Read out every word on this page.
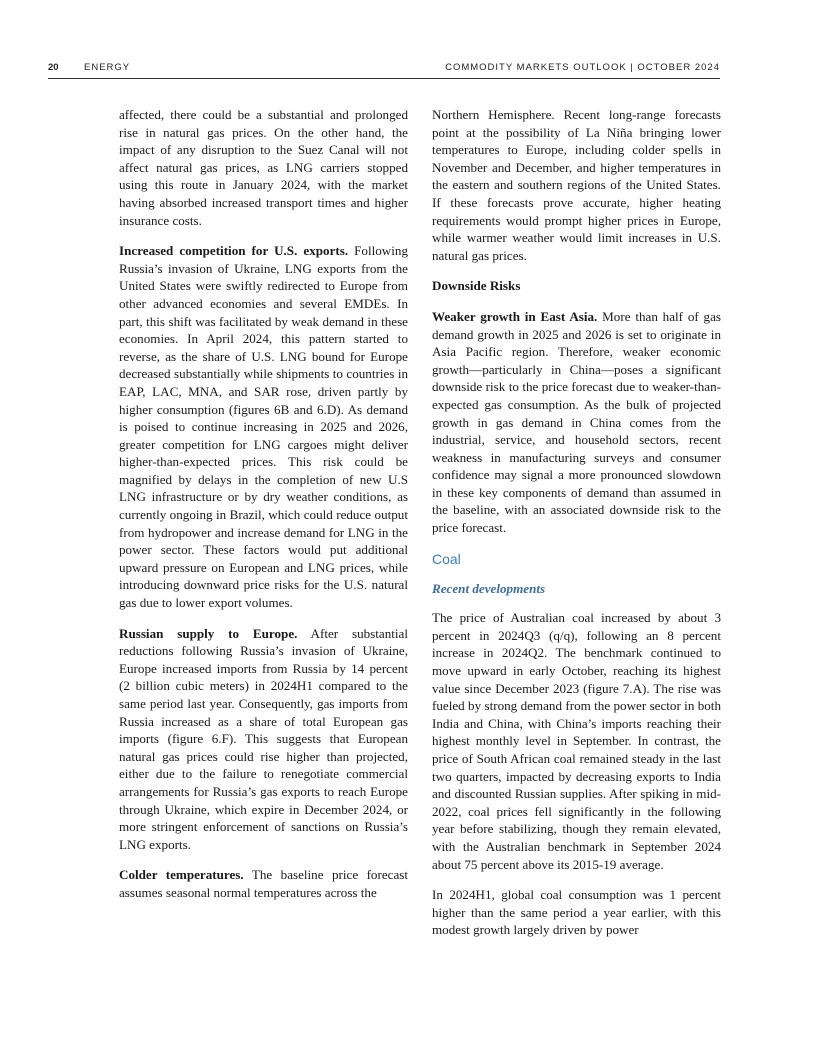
20	ENERGY	COMMODITY MARKETS OUTLOOK | OCTOBER 2024

affected, there could be a substantial and prolonged rise in natural gas prices. On the other hand, the impact of any disruption to the Suez Canal will not affect natural gas prices, as LNG carriers stopped using this route in January 2024, with the market having absorbed increased transport times and higher insurance costs.

Increased competition for U.S. exports. Following Russia’s invasion of Ukraine, LNG exports from the United States were swiftly redirected to Europe from other advanced economies and several EMDEs. In part, this shift was facilitated by weak demand in these economies. In April 2024, this pattern started to reverse, as the share of U.S. LNG bound for Europe decreased substantially while shipments to countries in EAP, LAC, MNA, and SAR rose, driven partly by higher consumption (figures 6B and 6.D). As demand is poised to continue increasing in 2025 and 2026, greater competition for LNG cargoes might deliver higher-than-expected prices. This risk could be magnified by delays in the completion of new U.S LNG infrastructure or by dry weather conditions, as currently ongoing in Brazil, which could reduce output from hydropower and increase demand for LNG in the power sector. These factors would put additional upward pressure on European and LNG prices, while introducing downward price risks for the U.S. natural gas due to lower export volumes.

Russian supply to Europe. After substantial reductions following Russia’s invasion of Ukraine, Europe increased imports from Russia by 14 percent (2 billion cubic meters) in 2024H1 compared to the same period last year. Consequently, gas imports from Russia increased as a share of total European gas imports (figure 6.F). This suggests that European natural gas prices could rise higher than projected, either due to the failure to renegotiate commercial arrangements for Russia’s gas exports to reach Europe through Ukraine, which expire in December 2024, or more stringent enforcement of sanctions on Russia’s LNG exports.

Colder temperatures. The baseline price forecast assumes seasonal normal temperatures across the

Northern Hemisphere. Recent long-range forecasts point at the possibility of La Niña bringing lower temperatures to Europe, including colder spells in November and December, and higher temperatures in the eastern and southern regions of the United States. If these forecasts prove accurate, higher heating requirements would prompt higher prices in Europe, while warmer weather would limit increases in U.S. natural gas prices.

Downside Risks

Weaker growth in East Asia. More than half of gas demand growth in 2025 and 2026 is set to originate in Asia Pacific region. Therefore, weaker economic growth—particularly in China—poses a significant downside risk to the price forecast due to weaker-than-expected gas consumption. As the bulk of projected growth in gas demand in China comes from the industrial, service, and household sectors, recent weakness in manufacturing surveys and consumer confidence may signal a more pronounced slowdown in these key components of demand than assumed in the baseline, with an associated downside risk to the price forecast.

Coal
Recent developments

The price of Australian coal increased by about 3 percent in 2024Q3 (q/q), following an 8 percent increase in 2024Q2. The benchmark continued to move upward in early October, reaching its highest value since December 2023 (figure 7.A). The rise was fueled by strong demand from the power sector in both India and China, with China’s imports reaching their highest monthly level in September. In contrast, the price of South African coal remained steady in the last two quarters, impacted by decreasing exports to India and discounted Russian supplies. After spiking in mid-2022, coal prices fell significantly in the following year before stabilizing, though they remain elevated, with the Australian benchmark in September 2024 about 75 percent above its 2015-19 average.

In 2024H1, global coal consumption was 1 percent higher than the same period a year earlier, with this modest growth largely driven by power
